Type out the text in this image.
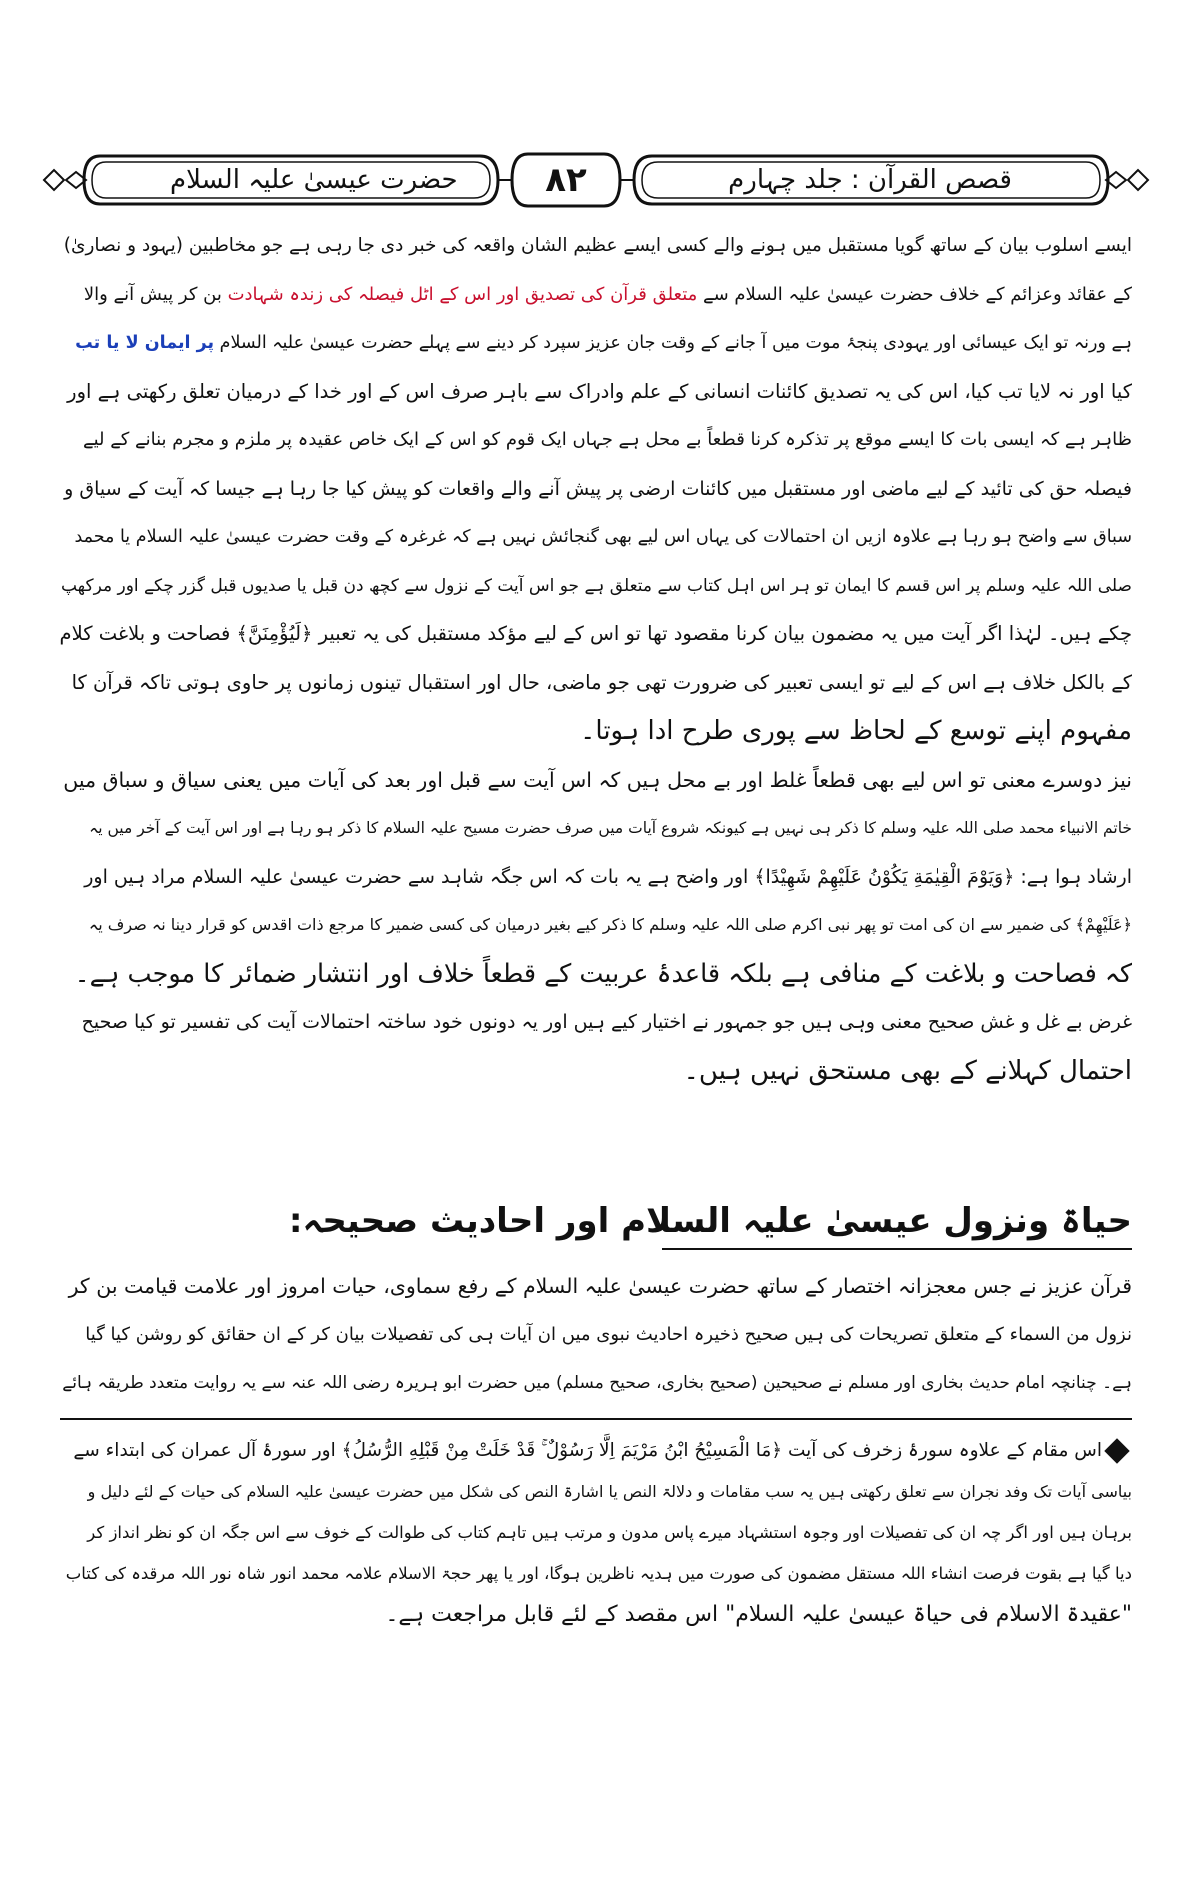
حضرت عیسیٰ علیہ السلام	۸۲	قصص القرآن : جلد چہارم
ایسے اسلوب بیان کے ساتھ گویا مستقبل میں ہونے والے کسی ایسے عظیم الشان واقعہ کی خبر دی جا رہی ہے جو مخاطبین (یہود و نصاریٰ)
کے عقائد وعزائم کے خلاف حضرت عیسیٰ علیہ السلام سے متعلق قرآن کی تصدیق اور اس کے اٹل فیصلہ کی زندہ شہادت بن کر پیش آنے والا
ہے ورنہ تو ایک عیسائی اور یہودی پنجۂ موت میں آ جانے کے وقت جان عزیز سپرد کر دینے سے پہلے حضرت عیسیٰ علیہ السلام پر ایمان لا یا تب
کیا اور نہ لایا تب کیا، اس کی یہ تصدیق کائنات انسانی کے علم وادراک سے باہر صرف اس کے اور خدا کے درمیان تعلق رکھتی ہے اور
ظاہر ہے کہ ایسی بات کا ایسے موقع پر تذکرہ کرنا قطعاً بے محل ہے جہاں ایک قوم کو اس کے ایک خاص عقیدہ پر ملزم و مجرم بنانے کے لیے
فیصلہ حق کی تائید کے لیے ماضی اور مستقبل میں کائنات ارضی پر پیش آنے والے واقعات کو پیش کیا جا رہا ہے جیسا کہ آیت کے سیاق و
سباق سے واضح ہو رہا ہے علاوہ ازیں ان احتمالات کی یہاں اس لیے بھی گنجائش نہیں ہے کہ غرغرہ کے وقت حضرت عیسیٰ علیہ السلام یا محمد
صلی اللہ علیہ وسلم پر اس قسم کا ایمان تو ہر اس اہل کتاب سے متعلق ہے جو اس آیت کے نزول سے کچھ دن قبل یا صدیوں قبل گزر چکے اور مرکھپ
چکے ہیں۔ لہٰذا اگر آیت میں یہ مضمون بیان کرنا مقصود تھا تو اس کے لیے مؤکد مستقبل کی یہ تعبیر ﴿لَيُؤْمِنَنَّ﴾ فصاحت و بلاغت کلام
کے بالکل خلاف ہے اس کے لیے تو ایسی تعبیر کی ضرورت تھی جو ماضی، حال اور استقبال تینوں زمانوں پر حاوی ہوتی تاکہ قرآن کا
مفہوم اپنے توسع کے لحاظ سے پوری طرح ادا ہوتا۔
نیز دوسرے معنی تو اس لیے بھی قطعاً غلط اور بے محل ہیں کہ اس آیت سے قبل اور بعد کی آیات میں یعنی سیاق و سباق میں
خاتم الانبیاء محمد صلی اللہ علیہ وسلم کا ذکر ہی نہیں ہے کیونکہ شروع آیات میں صرف حضرت مسیح علیہ السلام کا ذکر ہو رہا ہے اور اس آیت کے آخر میں یہ
ارشاد ہوا ہے: ﴿وَيَوْمَ الْقِيٰمَةِ يَكُوْنُ عَلَيْهِمْ شَهِيْدًا﴾ اور واضح ہے یہ بات کہ اس جگہ شاہد سے حضرت عیسیٰ علیہ السلام مراد ہیں اور
﴿عَلَيْهِمْ﴾ کی ضمیر سے ان کی امت تو پھر نبی اکرم صلی اللہ علیہ وسلم کا ذکر کیے بغیر درمیان کی کسی ضمیر کا مرجع ذات اقدس کو قرار دینا نہ صرف یہ
کہ فصاحت و بلاغت کے منافی ہے بلکہ قاعدۂ عربیت کے قطعاً خلاف اور انتشار ضمائر کا موجب ہے۔
غرض بے غل و غش صحیح معنی وہی ہیں جو جمہور نے اختیار کیے ہیں اور یہ دونوں خود ساختہ احتمالات آیت کی تفسیر تو کیا صحیح
احتمال کہلانے کے بھی مستحق نہیں ہیں۔
حیاۃ ونزول عیسیٰ علیہ السلام اور احادیث صحیحہ:
قرآن عزیز نے جس معجزانہ اختصار کے ساتھ حضرت عیسیٰ علیہ السلام کے رفع سماوی، حیات امروز اور علامت قیامت بن کر
نزول من السماء کے متعلق تصریحات کی ہیں صحیح ذخیرہ احادیث نبوی میں ان آیات ہی کی تفصیلات بیان کر کے ان حقائق کو روشن کیا گیا
ہے۔ چنانچہ امام حدیث بخاری اور مسلم نے صحیحین (صحیح بخاری، صحیح مسلم) میں حضرت ابو ہریرہ رضی اللہ عنہ سے یہ روایت متعدد طریقہ ہائے
اس مقام کے علاوہ سورۂ زخرف کی آیت ﴿مَا الْمَسِيْحُ ابْنُ مَرْيَمَ اِلَّا رَسُوْلٌ ۚ قَدْ خَلَتْ مِنْ قَبْلِهِ الرُّسُلُ﴾ اور سورۂ آل عمران کی ابتداء سے
بیاسی آیات تک وفد نجران سے تعلق رکھتی ہیں یہ سب مقامات و دلالۃ النص یا اشارۃ النص کی شکل میں حضرت عیسیٰ علیہ السلام کی حیات کے لئے دلیل و
برہان ہیں اور اگر چہ ان کی تفصیلات اور وجوہ استشہاد میرے پاس مدون و مرتب ہیں تاہم کتاب کی طوالت کے خوف سے اس جگہ ان کو نظر انداز کر
دیا گیا ہے بقوت فرصت انشاء اللہ مستقل مضمون کی صورت میں ہدیہ ناظرین ہوگا، اور یا پھر حجۃ الاسلام علامہ محمد انور شاہ نور اللہ مرقدہ کی کتاب
"عقیدۃ الاسلام فی حیاۃ عیسیٰ علیہ السلام" اس مقصد کے لئے قابل مراجعت ہے۔
